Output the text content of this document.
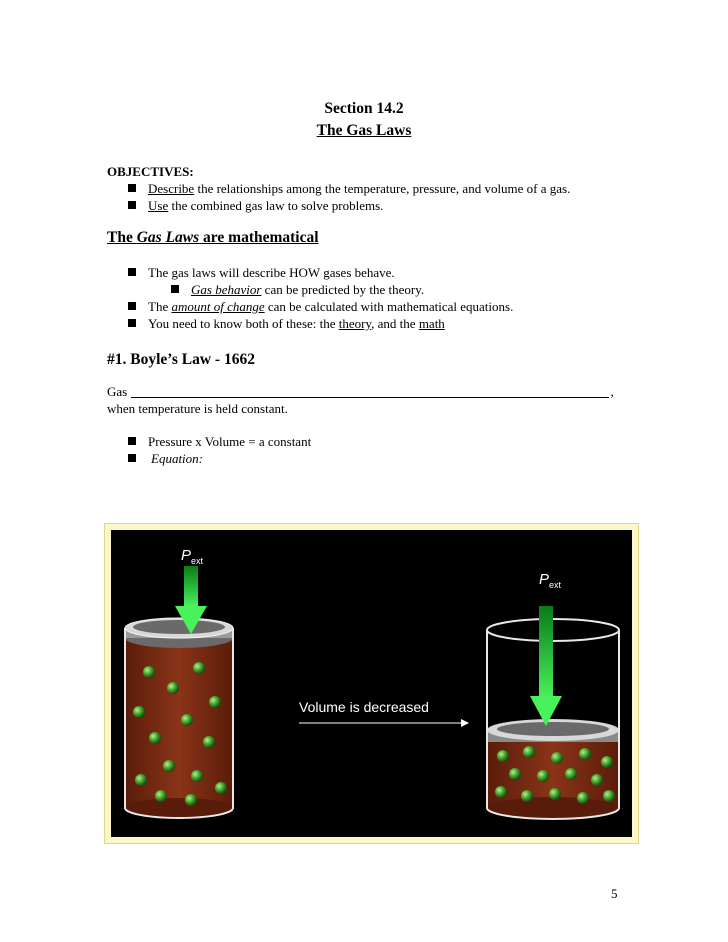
Section 14.2
The Gas Laws
OBJECTIVES:
Describe the relationships among the temperature, pressure, and volume of a gas.
Use the combined gas law to solve problems.
The Gas Laws are mathematical
The gas laws will describe HOW gases behave.
Gas behavior can be predicted by the theory.
The amount of change can be calculated with mathematical equations.
You need to know both of these: the theory, and the math
#1. Boyle’s Law - 1662
Gas	,
when temperature is held constant.
Pressure x Volume = a constant
Equation:
$P_{ext}$
Volume is decreased
$P_{ext}$
5
